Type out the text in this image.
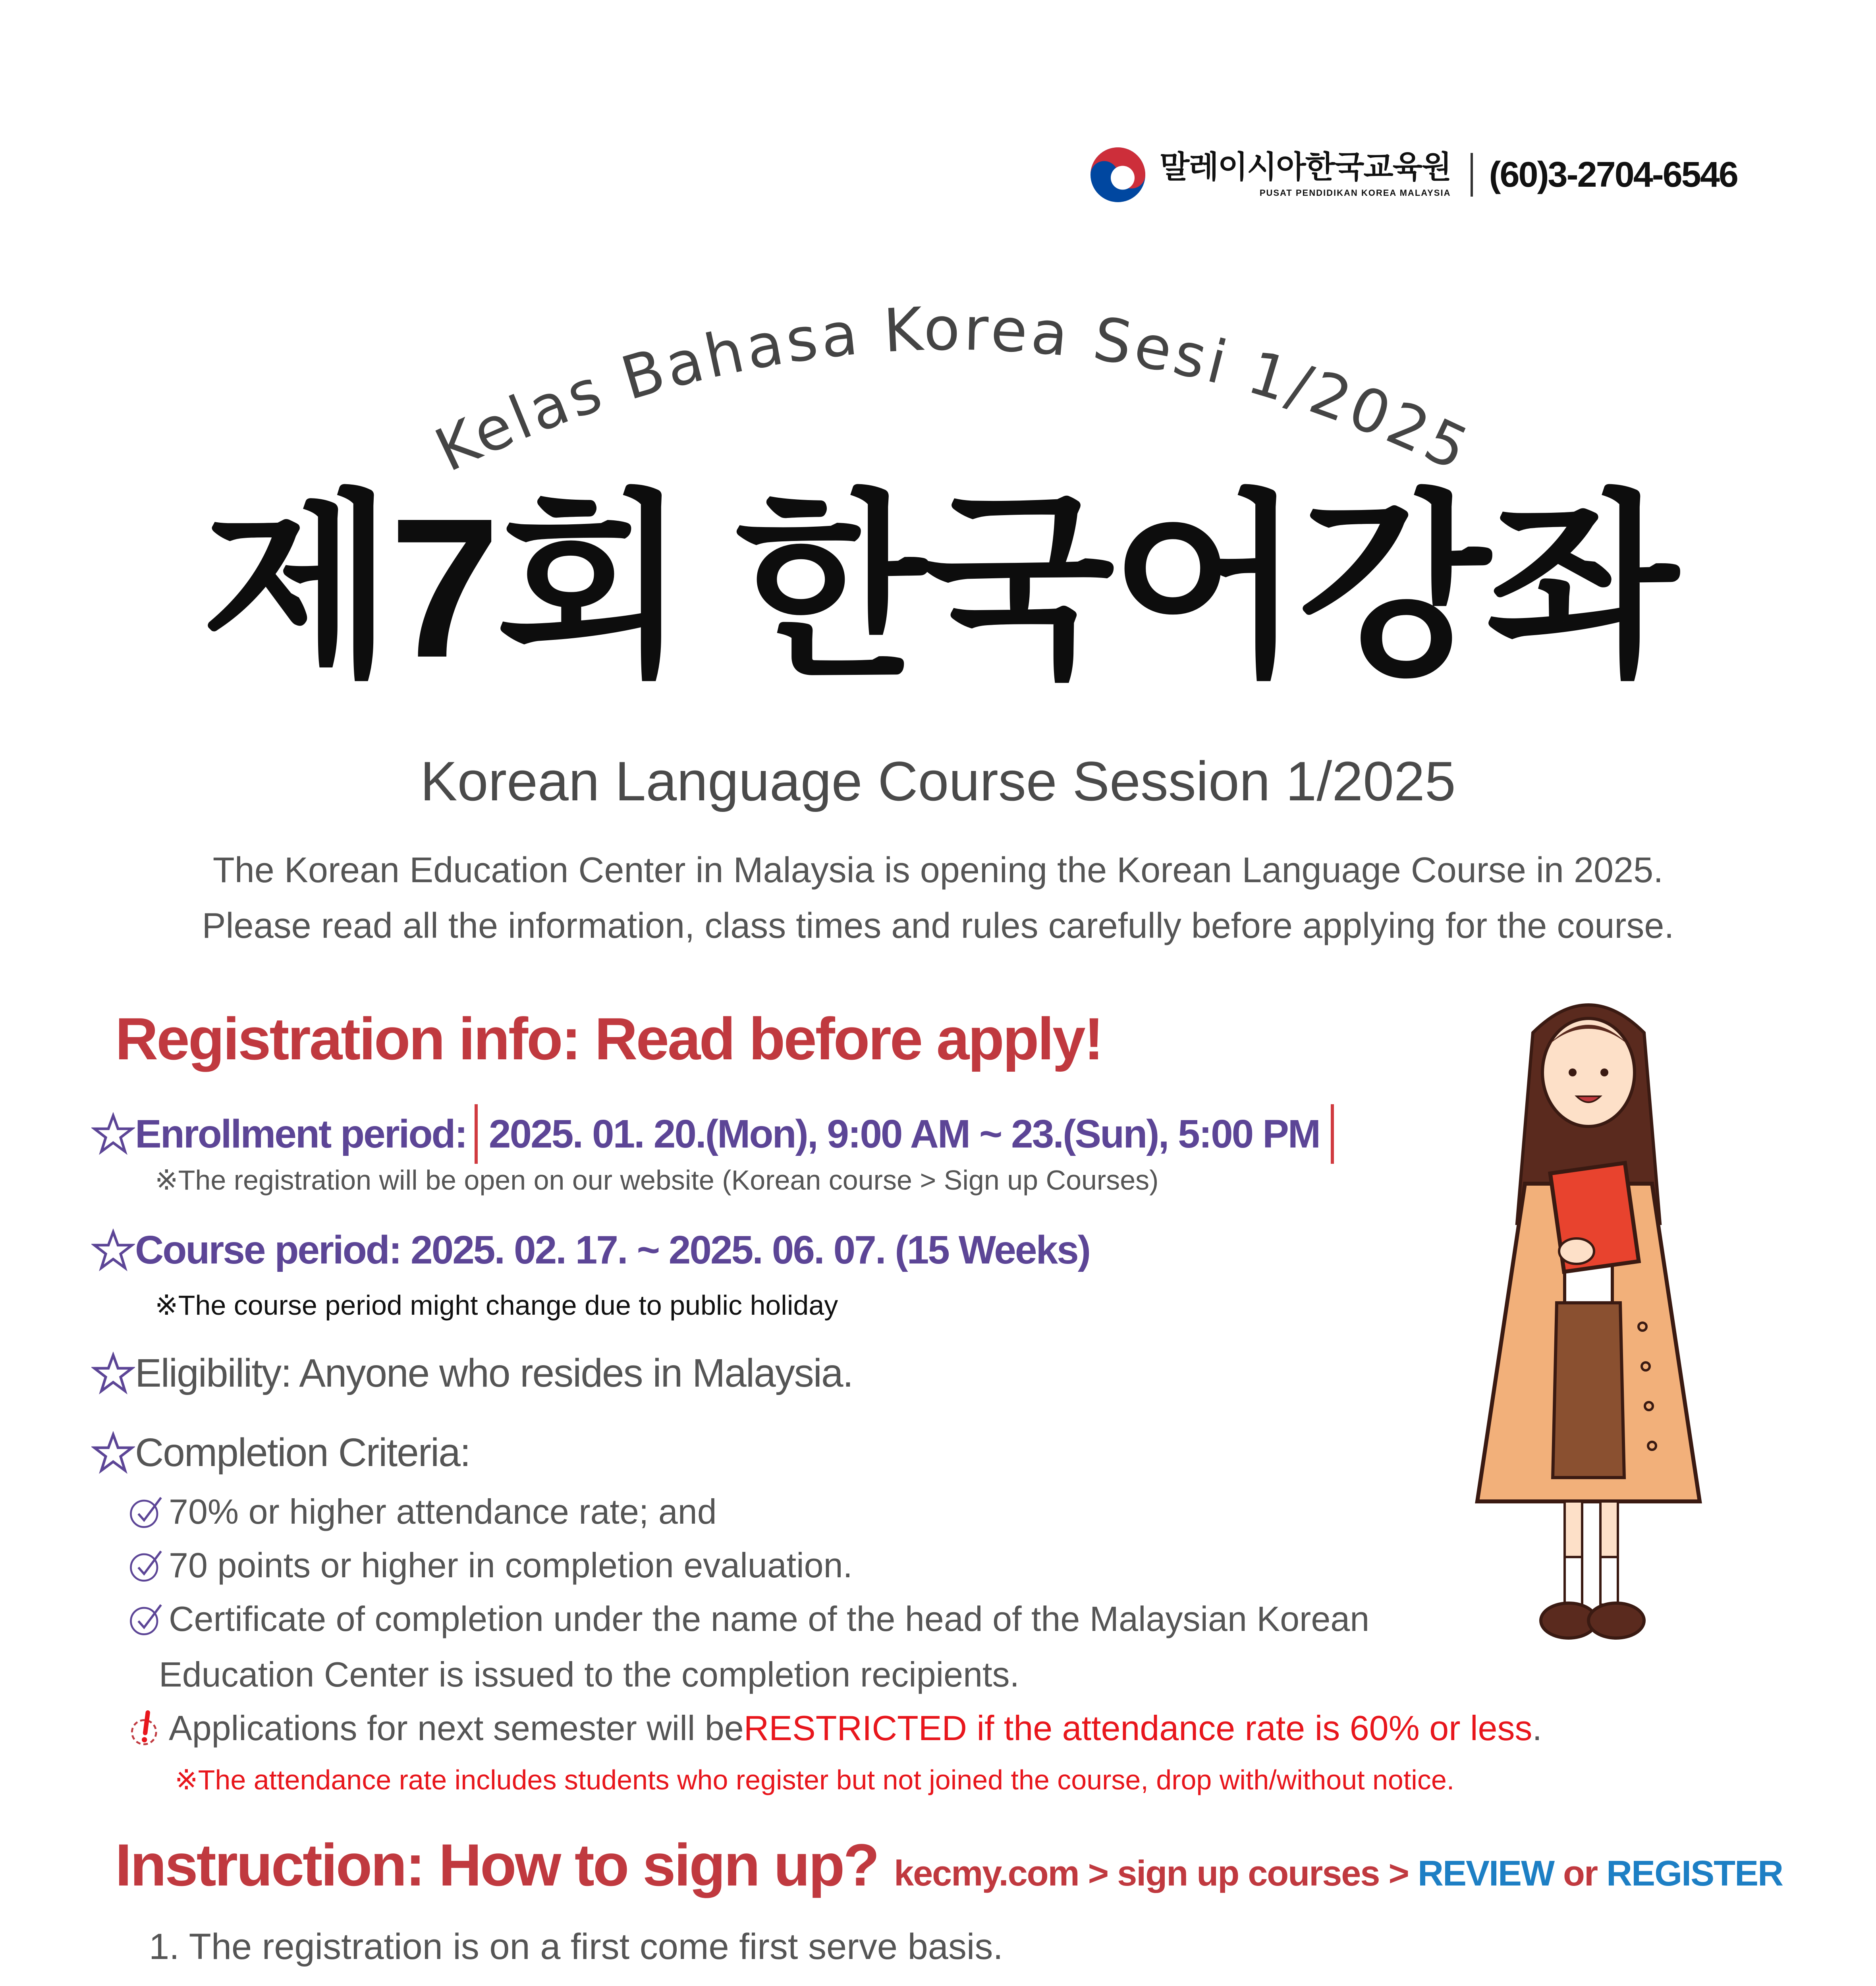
말레이시아한국교육원
PUSAT PENDIDIKAN KOREA MALAYSIA (60)3-2704-6546
Kelas Bahasa Korea Sesi 1/2025
제7회 한국어강좌
Korean Language Course Session 1/2025
The Korean Education Center in Malaysia is opening the Korean Language Course in 2025.
Please read all the information, class times and rules carefully before applying for the course.
Registration info: Read before apply!
Enrollment period: 2025. 01. 20.(Mon), 9:00 AM ~ 23.(Sun), 5:00 PM
※The registration will be open on our website (Korean course > Sign up Courses)
Course period: 2025. 02. 17. ~ 2025. 06. 07. (15 Weeks)
※The course period might change due to public holiday
Eligibility: Anyone who resides in Malaysia.
Completion Criteria:
70% or higher attendance rate; and
70 points or higher in completion evaluation.
Certificate of completion under the name of the head of the Malaysian Korean
Education Center is issued to the completion recipients.
Applications for next semester will be RESTRICTED if the attendance rate is 60% or less .
※The attendance rate includes students who register but not joined the course, drop with/without notice.
Instruction: How to sign up? kecmy.com > sign up courses > REVIEW or REGISTER
1. The registration is on a first come first serve basis.
